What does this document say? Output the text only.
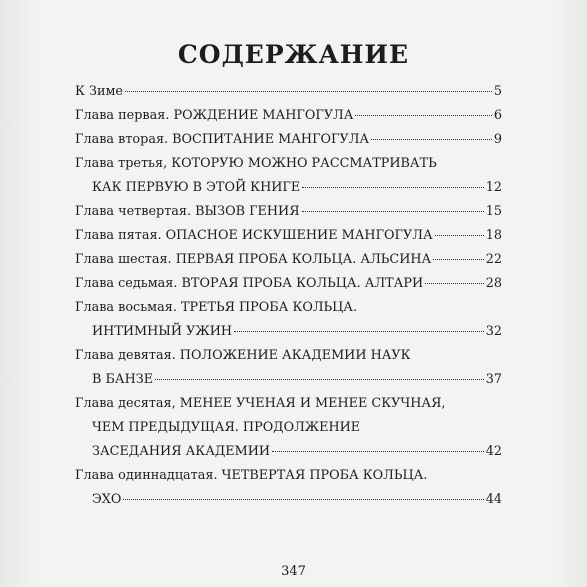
СОДЕРЖАНИЕ
К Зиме	5
Глава первая. РОЖДЕНИЕ МАНГОГУЛА	6
Глава вторая. ВОСПИТАНИЕ МАНГОГУЛА	9
Глава третья, КОТОРУЮ МОЖНО РАССМАТРИВАТЬ
КАК ПЕРВУЮ В ЭТОЙ КНИГЕ	12
Глава четвертая. ВЫЗОВ ГЕНИЯ	15
Глава пятая. ОПАСНОЕ ИСКУШЕНИЕ МАНГОГУЛА	18
Глава шестая. ПЕРВАЯ ПРОБА КОЛЬЦА. АЛЬСИНА	22
Глава седьмая. ВТОРАЯ ПРОБА КОЛЬЦА. АЛТАРИ	28
Глава восьмая. ТРЕТЬЯ ПРОБА КОЛЬЦА.
ИНТИМНЫЙ УЖИН	32
Глава девятая. ПОЛОЖЕНИЕ АКАДЕМИИ НАУК
В БАНЗЕ	37
Глава десятая, МЕНЕЕ УЧЕНАЯ И МЕНЕЕ СКУЧНАЯ,
ЧЕМ ПРЕДЫДУЩАЯ. ПРОДОЛЖЕНИЕ
ЗАСЕДАНИЯ АКАДЕМИИ	42
Глава одиннадцатая. ЧЕТВЕРТАЯ ПРОБА КОЛЬЦА.
ЭХО	44
347
